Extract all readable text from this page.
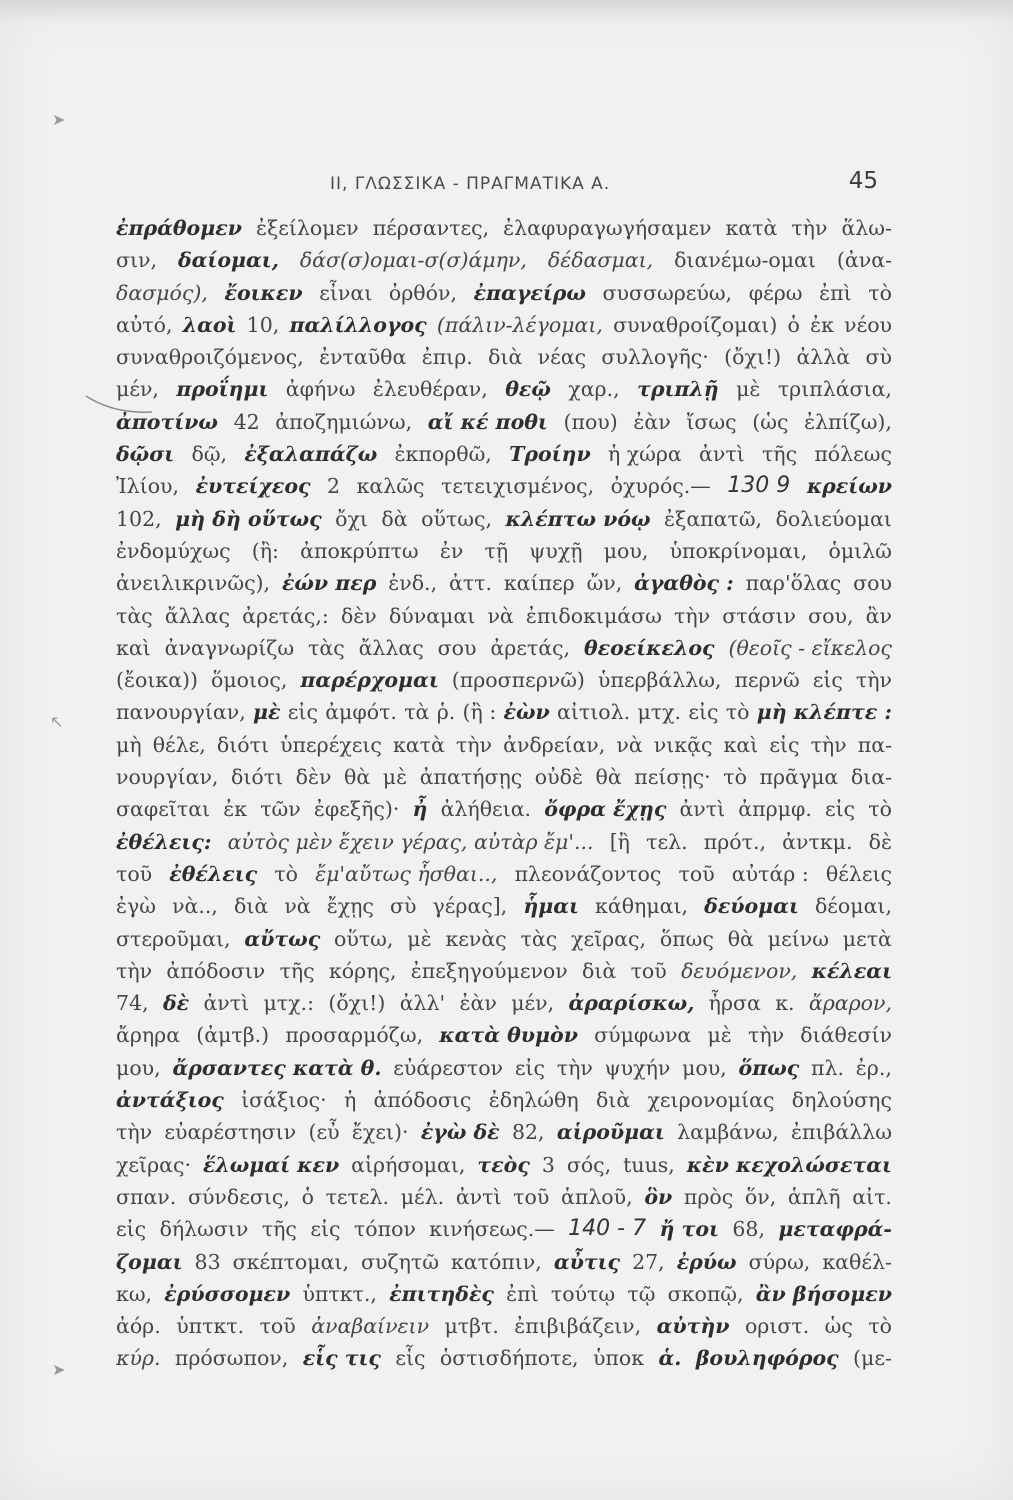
➤
↖
➤
II, ΓΛΩΣΣΙΚΑ - ΠΡΑΓΜΑΤΙΚΑ Α.	45
ἐπράθομεν ἐξείλομεν πέρσαντες, ἐλαφυραγωγήσαμεν κατὰ τὴν ἅλω-
σιν, δαίομαι, δάσ(σ)ομαι-σ(σ)άμην, δέδασμαι, διανέμω-ομαι (ἀνα-
δασμός), ἔοικεν εἶναι ὀρθόν, ἐπαγείρω συσσωρεύω, φέρω ἐπὶ τὸ
αὐτό, λαοὶ 10, παλίλλογος (πάλιν-λέγομαι, συναθροίζομαι) ὁ ἐκ νέου
συναθροιζόμενος, ἐνταῦθα ἐπιρ. διὰ νέας συλλογῆς· (ὄχι!) ἀλλὰ σὺ
μέν, προΐημι ἀφήνω ἐλευθέραν, θεῷ χαρ., τριπλῇ μὲ τριπλάσια,
ἀποτίνω 42 ἀποζημιώνω, αἴ κέ ποθι (που) ἐὰν ἴσως (ὡς ἐλπίζω),
δῷσι δῷ, ἐξαλαπάζω ἐκπορθῶ, Τροίην ἡ χώρα ἀντὶ τῆς πόλεως
Ἰλίου, ἐυτείχεος 2 καλῶς τετειχισμένος, ὀχυρός.— 130 9 κρείων
102, μὴ δὴ οὕτως ὄχι δὰ οὕτως, κλέπτω νόῳ ἐξαπατῶ, δολιεύομαι
ἐνδομύχως (ἢ: ἀποκρύπτω ἐν τῇ ψυχῇ μου, ὑποκρίνομαι, ὁμιλῶ
ἀνειλικρινῶς), ἐών περ ἐνδ., ἀττ. καίπερ ὤν, ἀγαθὸς : παρ'ὅλας σου
τὰς ἄλλας ἀρετάς,: δὲν δύναμαι νὰ ἐπιδοκιμάσω τὴν στάσιν σου, ἂν
καὶ ἀναγνωρίζω τὰς ἄλλας σου ἀρετάς, θεοείκελος (θεοῖς - εἴκελος
(ἔοικα)) ὅμοιος, παρέρχομαι (προσπερνῶ) ὑπερβάλλω, περνῶ εἰς τὴν
πανουργίαν, μὲ εἰς ἀμφότ. τὰ ῥ. (ἢ : ἐὼν αἰτιολ. μτχ. εἰς τὸ μὴ κλέπτε :
μὴ θέλε, διότι ὑπερέχεις κατὰ τὴν ἀνδρείαν, νὰ νικᾷς καὶ εἰς τὴν πα-
νουργίαν, διότι δὲν θὰ μὲ ἀπατήσῃς οὐδὲ θὰ πείσῃς· τὸ πρᾶγμα δια-
σαφεῖται ἐκ τῶν ἐφεξῆς)· ἦ ἀλήθεια. ὄφρα ἔχῃς ἀντὶ ἀπρμφ. εἰς τὸ
ἐθέλεις: αὐτὸς μὲν ἔχειν γέρας, αὐτὰρ ἔμ'... [ἢ τελ. πρότ., ἀντκμ. δὲ
τοῦ ἐθέλεις τὸ ἔμ'αὔτως ἧσθαι.., πλεονάζοντος τοῦ αὐτάρ : θέλεις
ἐγὼ νὰ.., διὰ νὰ ἔχῃς σὺ γέρας], ἧμαι κάθημαι, δεύομαι δέομαι,
στεροῦμαι, αὔτως οὕτω, μὲ κενὰς τὰς χεῖρας, ὅπως θὰ μείνω μετὰ
τὴν ἀπόδοσιν τῆς κόρης, ἐπεξηγούμενον διὰ τοῦ δευόμενον, κέλεαι
74, δὲ ἀντὶ μτχ.: (ὄχι!) ἀλλ' ἐὰν μέν, ἀραρίσκω, ἦρσα κ. ἄραρον,
ἄρηρα (ἀμτβ.) προσαρμόζω, κατὰ θυμὸν σύμφωνα μὲ τὴν διάθεσίν
μου, ἄρσαντες κατὰ θ. εὐάρεστον εἰς τὴν ψυχήν μου, ὅπως πλ. ἐρ.,
ἀντάξιος ἰσάξιος· ἡ ἀπόδοσις ἐδηλώθη διὰ χειρονομίας δηλούσης
τὴν εὐαρέστησιν (εὖ ἔχει)· ἐγὼ δὲ 82, αἱροῦμαι λαμβάνω, ἐπιβάλλω
χεῖρας· ἕλωμαί κεν αἱρήσομαι, τεὸς 3 σός, tuus, κὲν κεχολώσεται
σπαν. σύνδεσις, ὁ τετελ. μέλ. ἀντὶ τοῦ ἁπλοῦ, ὃν πρὸς ὅν, ἁπλῆ αἰτ.
εἰς δήλωσιν τῆς εἰς τόπον κινήσεως.— 140 - 7 ἤ τοι 68, μεταφρά-
ζομαι 83 σκέπτομαι, συζητῶ κατόπιν, αὖτις 27, ἐρύω σύρω, καθέλ-
κω, ἐρύσσομεν ὑπτκτ., ἐπιτηδὲς ἐπὶ τούτῳ τῷ σκοπῷ, ἂν βήσομεν
ἀόρ. ὑπτκτ. τοῦ ἀναβαίνειν μτβτ. ἐπιβιβάζειν, αὐτὴν οριστ. ὡς τὸ
κύρ. πρόσωπον, εἷς τις εἷς ὁστισδήποτε, ὑποκ ἁ. βουληφόρος (με-
